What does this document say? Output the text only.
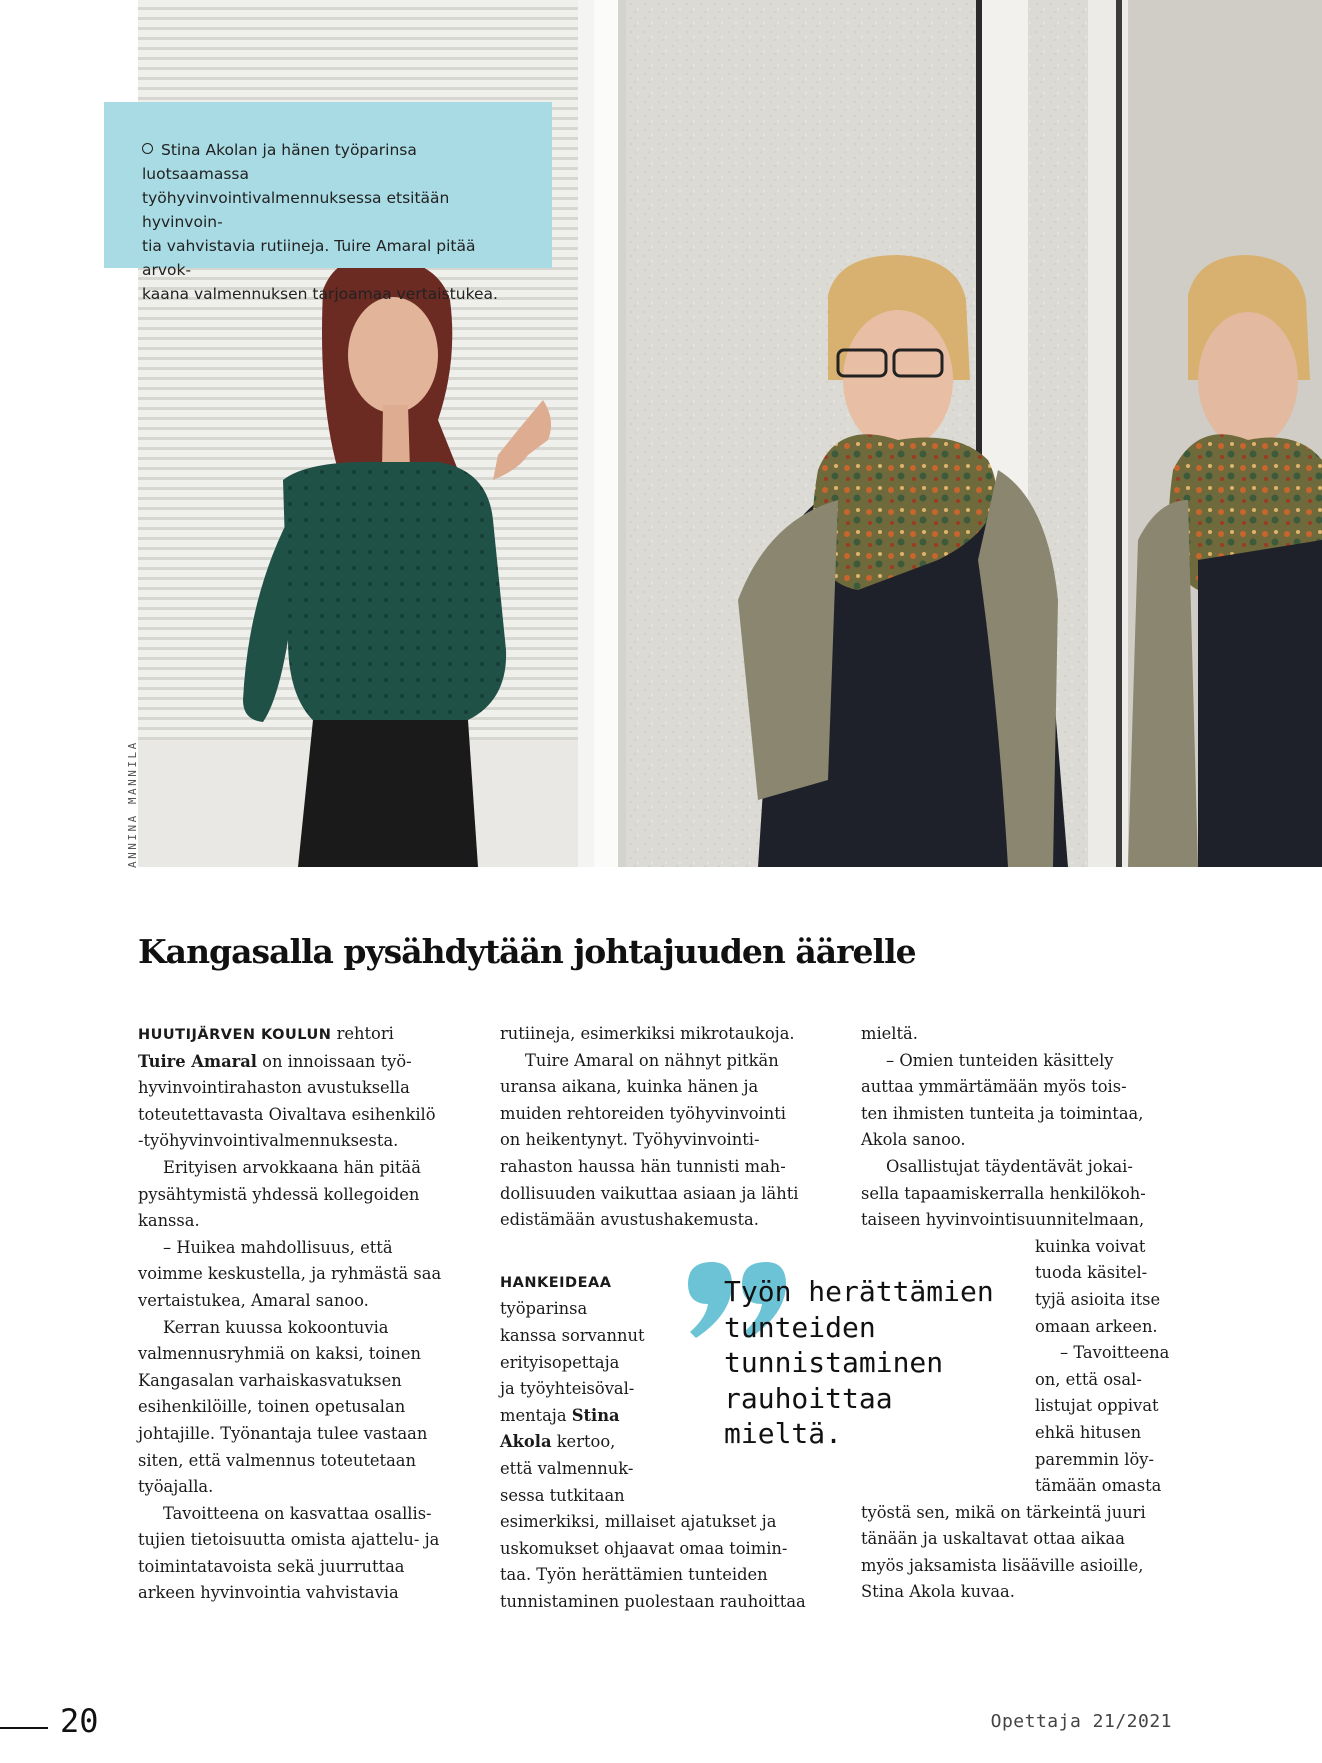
Stina Akolan ja hänen työparinsa luotsaamassa
työhyvinvointivalmennuksessa etsitään hyvinvoin-
tia vahvistavia rutiineja. Tuire Amaral pitää arvok-
kaana valmennuksen tarjoamaa vertaistukea.
ANNINA MANNILA
Kangasalla pysähdytään johtajuuden äärelle

HUUTIJÄRVEN KOULUN rehtori

Tuire Amaral on innoissaan työ-

hyvinvointirahaston avustuksella

toteutettavasta Oivaltava esihenkilö

-työhyvinvointivalmennuksesta.

Erityisen arvokkaana hän pitää

pysähtymistä yhdessä kollegoiden

kanssa.

– Huikea mahdollisuus, että

voimme keskustella, ja ryhmästä saa

vertaistukea, Amaral sanoo.

Kerran kuussa kokoontuvia

valmennusryhmiä on kaksi, toinen

Kangasalan varhaiskasvatuksen

esihenkilöille, toinen opetusalan

johtajille. Työnantaja tulee vastaan

siten, että valmennus toteutetaan

työajalla.

Tavoitteena on kasvattaa osallis-

tujien tietoisuutta omista ajattelu- ja

toimintatavoista sekä juurruttaa

arkeen hyvinvointia vahvistavia

rutiineja, esimerkiksi mikrotaukoja.

Tuire Amaral on nähnyt pitkän

uransa aikana, kuinka hänen ja

muiden rehtoreiden työhyvinvointi

on heikentynyt. Työhyvinvointi-

rahaston haussa hän tunnisti mah-

dollisuuden vaikuttaa asiaan ja lähti

edistämään avustushakemusta.

HANKEIDEAA

työparinsa

kanssa sorvannut

erityisopettaja

ja työyhteisöval-

mentaja Stina

Akola kertoo,

että valmennuk-

sessa tutkitaan

esimerkiksi, millaiset ajatukset ja

uskomukset ohjaavat omaa toimin-

taa. Työn herättämien tunteiden

tunnistaminen puolestaan rauhoittaa

mieltä.

– Omien tunteiden käsittely

auttaa ymmärtämään myös tois-

ten ihmisten tunteita ja toimintaa,

Akola sanoo.

Osallistujat täydentävät jokai-

sella tapaamiskerralla henkilökoh-

taiseen hyvinvointisuunnitelmaan,

kuinka voivat

tuoda käsitel-

tyjä asioita itse

omaan arkeen.

– Tavoitteena

on, että osal-

listujat oppivat

ehkä hitusen

paremmin löy-

tämään omasta

työstä sen, mikä on tärkeintä juuri

tänään ja uskaltavat ottaa aikaa

myös jaksamista lisääville asioille,

Stina Akola kuvaa.

Työn herättämien
tunteiden
tunnistaminen
rauhoittaa
mieltä.
20	Opettaja 21/2021
